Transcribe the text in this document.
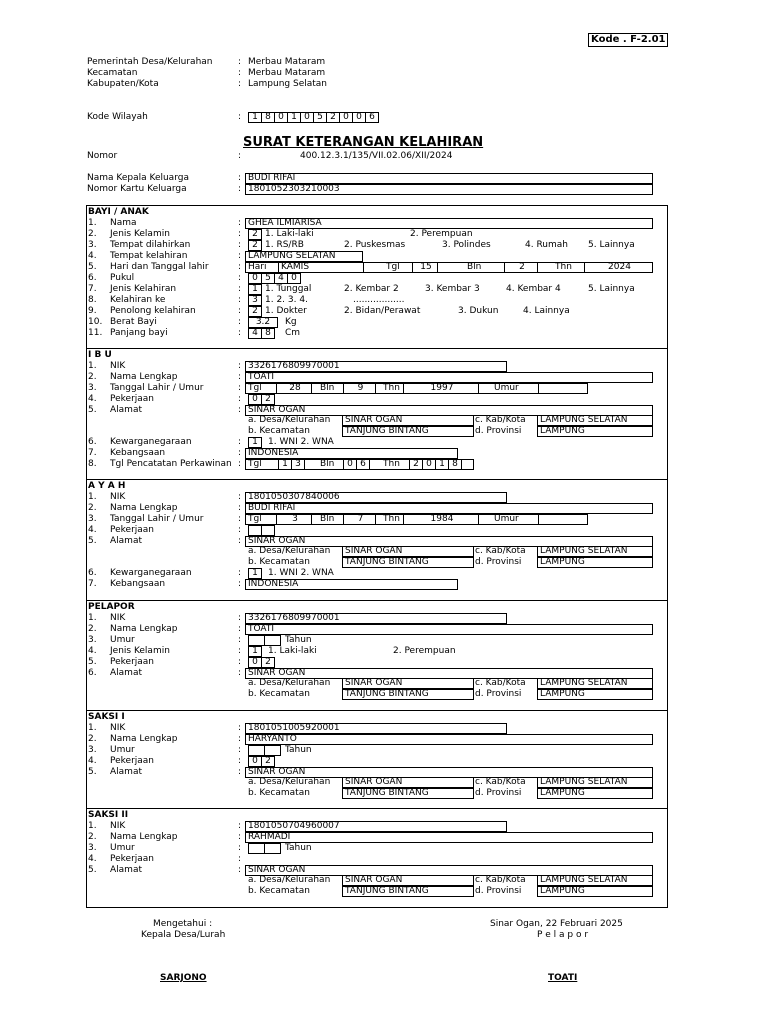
Kode . F-2.01
Pemerintah Desa/Kelurahan	: Merbau Mataram
Kecamatan	: Merbau Mataram
Kabupaten/Kota	: Lampung Selatan
Kode Wilayah	:	1 8 0 1 0 5 2 0 0 6
SURAT KETERANGAN KELAHIRAN
Nomor	:	400.12.3.1/135/VII.02.06/XII/2024
Nama Kepala Keluarga	: BUDI RIFAI
Nomor Kartu Keluarga	: 1801052303210003
BAYI / ANAK
1. Nama	: GHEA ILMIARISA
2. Jenis Kelamin	:	2 1. Laki-laki	2. Perempuan
3. Tempat dilahirkan	:	2 1. RS/RB	2. Puskesmas	3. Polindes	4. Rumah 5. Lainnya
4. Tempat kelahiran	: LAMPUNG SELATAN
5. Hari dan Tanggal lahir	: Hari	KAMIS	Tgl	15	Bln	2	Thn	2024
6. Pukul	:	0 5 4 0
7. Jenis Kelahiran	:	1 1. Tunggal	2. Kembar 2	3. Kembar 3	4. Kembar 4	5. Lainnya
8. Kelahiran ke	:	3 1. 2. 3. 4.	..................
9. Penolong kelahiran	:	2 1. Dokter	2. Bidan/Perawat	3. Dukun	4. Lainnya
10. Berat Bayi	:	3.2	Kg
11. Panjang bayi	:	4 8	Cm
I B U
1. NIK	: 3326176809970001
2. Nama Lengkap	: TOATI
3. Tanggal Lahir / Umur	: Tgl	28	Bln	9	Thn	1997	Umur
4. Pekerjaan	:	0 2
5. Alamat	: SINAR OGAN
a. Desa/Kelurahan	SINAR OGAN	c. Kab/Kota	LAMPUNG SELATAN
b. Kecamatan	TANJUNG BINTANG	d. Provinsi	LAMPUNG
6. Kewarganegaraan	:	1	1. WNI 2. WNA
7. Kebangsaan	: INDONESIA
8. Tgl Pencatatan Perkawinan : Tgl	1 3	Bln	0 6	Thn	2 0 1 8
A Y A H
1. NIK	: 1801050307840006
2. Nama Lengkap	: BUDI RIFAI
3. Tanggal Lahir / Umur	: Tgl	3	Bln	7	Thn	1984	Umur
4. Pekerjaan	:
5. Alamat	: SINAR OGAN
a. Desa/Kelurahan	SINAR OGAN	c. Kab/Kota	LAMPUNG SELATAN
b. Kecamatan	TANJUNG BINTANG	d. Provinsi	LAMPUNG
6. Kewarganegaraan	:	1	1. WNI 2. WNA
7. Kebangsaan	: INDONESIA
PELAPOR
1. NIK	: 3326176809970001
2. Nama Lengkap	: TOATI
3. Umur	:	Tahun
4. Jenis Kelamin	:	1	1. Laki-laki	2. Perempuan
5. Pekerjaan	:	0 2
6. Alamat	: SINAR OGAN
a. Desa/Kelurahan	SINAR OGAN	c. Kab/Kota	LAMPUNG SELATAN
b. Kecamatan	TANJUNG BINTANG	d. Provinsi	LAMPUNG
SAKSI I
1. NIK	: 1801051005920001
2. Nama Lengkap	: HARYANTO
3. Umur	:	Tahun
4. Pekerjaan	:	0 2
5. Alamat	: SINAR OGAN
a. Desa/Kelurahan	SINAR OGAN	c. Kab/Kota	LAMPUNG SELATAN
b. Kecamatan	TANJUNG BINTANG	d. Provinsi	LAMPUNG
SAKSI II
1. NIK	: 1801050704960007
2. Nama Lengkap	: RAHMADI
3. Umur	:	Tahun
4. Pekerjaan	:
5. Alamat	: SINAR OGAN
a. Desa/Kelurahan	SINAR OGAN	c. Kab/Kota	LAMPUNG SELATAN
b. Kecamatan	TANJUNG BINTANG	d. Provinsi	LAMPUNG
Mengetahui :
Kepala Desa/Lurah
Sinar Ogan, 22 Februari 2025
P e l a p o r
SARJONO	TOATI
